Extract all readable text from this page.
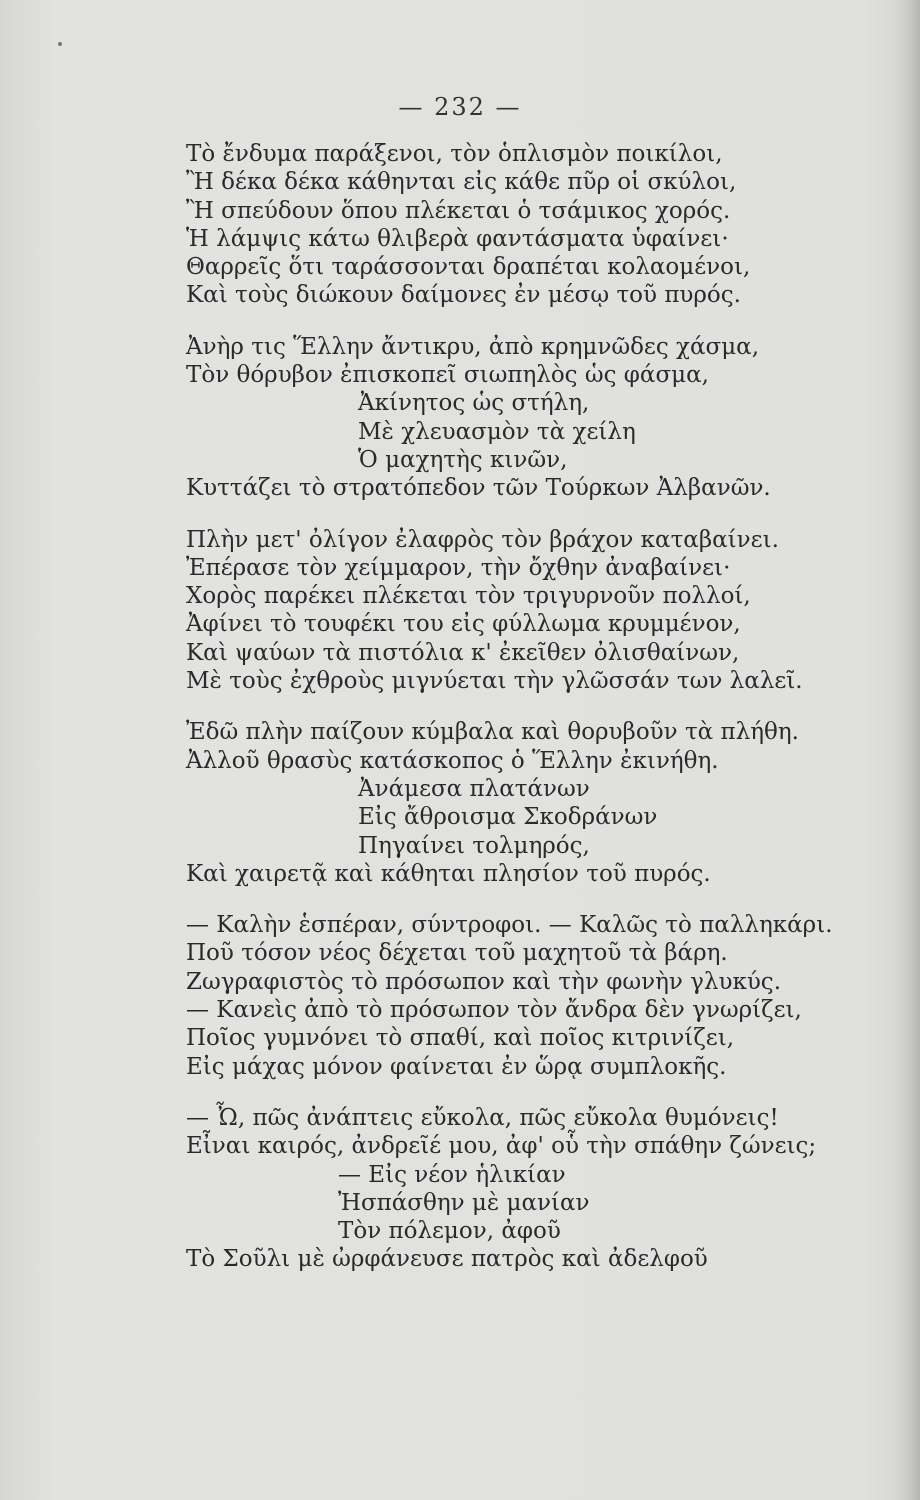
— 232 —
Τὸ ἔνδυμα παράξενοι, τὸν ὁπλισμὸν ποικίλοι,
Ἢ δέκα δέκα κάθηνται εἰς κάθε πῦρ οἱ σκύλοι,
Ἢ σπεύδουν ὅπου πλέκεται ὁ τσάμικος χορός.
Ἡ λάμψις κάτω θλιβερὰ φαντάσματα ὑφαίνει·
Θαρρεῖς ὅτι ταράσσονται δραπέται κολαομένοι,
Καὶ τοὺς διώκουν δαίμονες ἐν μέσῳ τοῦ πυρός.
Ἀνὴρ τις Ἕλλην ἄντικρυ, ἀπὸ κρημνῶδες χάσμα,
Τὸν θόρυβον ἐπισκοπεῖ σιωπηλὸς ὡς φάσμα,
Ἀκίνητος ὡς στήλη,
Μὲ χλευασμὸν τὰ χείλη
Ὁ μαχητὴς κινῶν,
Κυττάζει τὸ στρατόπεδον τῶν Τούρκων Ἀλβανῶν.
Πλὴν μετ' ὀλίγον ἐλαφρὸς τὸν βράχον καταβαίνει.
Ἐπέρασε τὸν χείμμαρον, τὴν ὄχθην ἀναβαίνει·
Χορὸς παρέκει πλέκεται τὸν τριγυρνοῦν πολλοί,
Ἀφίνει τὸ τουφέκι του εἰς φύλλωμα κρυμμένον,
Καὶ ψαύων τὰ πιστόλια κ' ἐκεῖθεν ὀλισθαίνων,
Μὲ τοὺς ἐχθροὺς μιγνύεται τὴν γλῶσσάν των λαλεῖ.
Ἐδῶ πλὴν παίζουν κύμβαλα καὶ θορυβοῦν τὰ πλήθη.
Ἀλλοῦ θρασὺς κατάσκοπος ὁ Ἕλλην ἐκινήθη.
Ἀνάμεσα πλατάνων
Εἰς ἄθροισμα Σκοδράνων
Πηγαίνει τολμηρός,
Καὶ χαιρετᾷ καὶ κάθηται πλησίον τοῦ πυρός.
— Καλὴν ἑσπέραν, σύντροφοι. — Καλῶς τὸ παλληκάρι.
Ποῦ τόσον νέος δέχεται τοῦ μαχητοῦ τὰ βάρη.
Ζωγραφιστὸς τὸ πρόσωπον καὶ τὴν φωνὴν γλυκύς.
— Κανεὶς ἀπὸ τὸ πρόσωπον τὸν ἄνδρα δὲν γνωρίζει,
Ποῖος γυμνόνει τὸ σπαθί, καὶ ποῖος κιτρινίζει,
Εἰς μάχας μόνον φαίνεται ἐν ὥρᾳ συμπλοκῆς.
— Ὦ, πῶς ἀνάπτεις εὔκολα, πῶς εὔκολα θυμόνεις!
Εἶναι καιρός, ἀνδρεῖέ μου, ἀφ' οὗ τὴν σπάθην ζώνεις;
— Εἰς νέον ἡλικίαν
Ἠσπάσθην μὲ μανίαν
Τὸν πόλεμον, ἀφοῦ
Τὸ Σοῦλι μὲ ὠρφάνευσε πατρὸς καὶ ἀδελφοῦ
